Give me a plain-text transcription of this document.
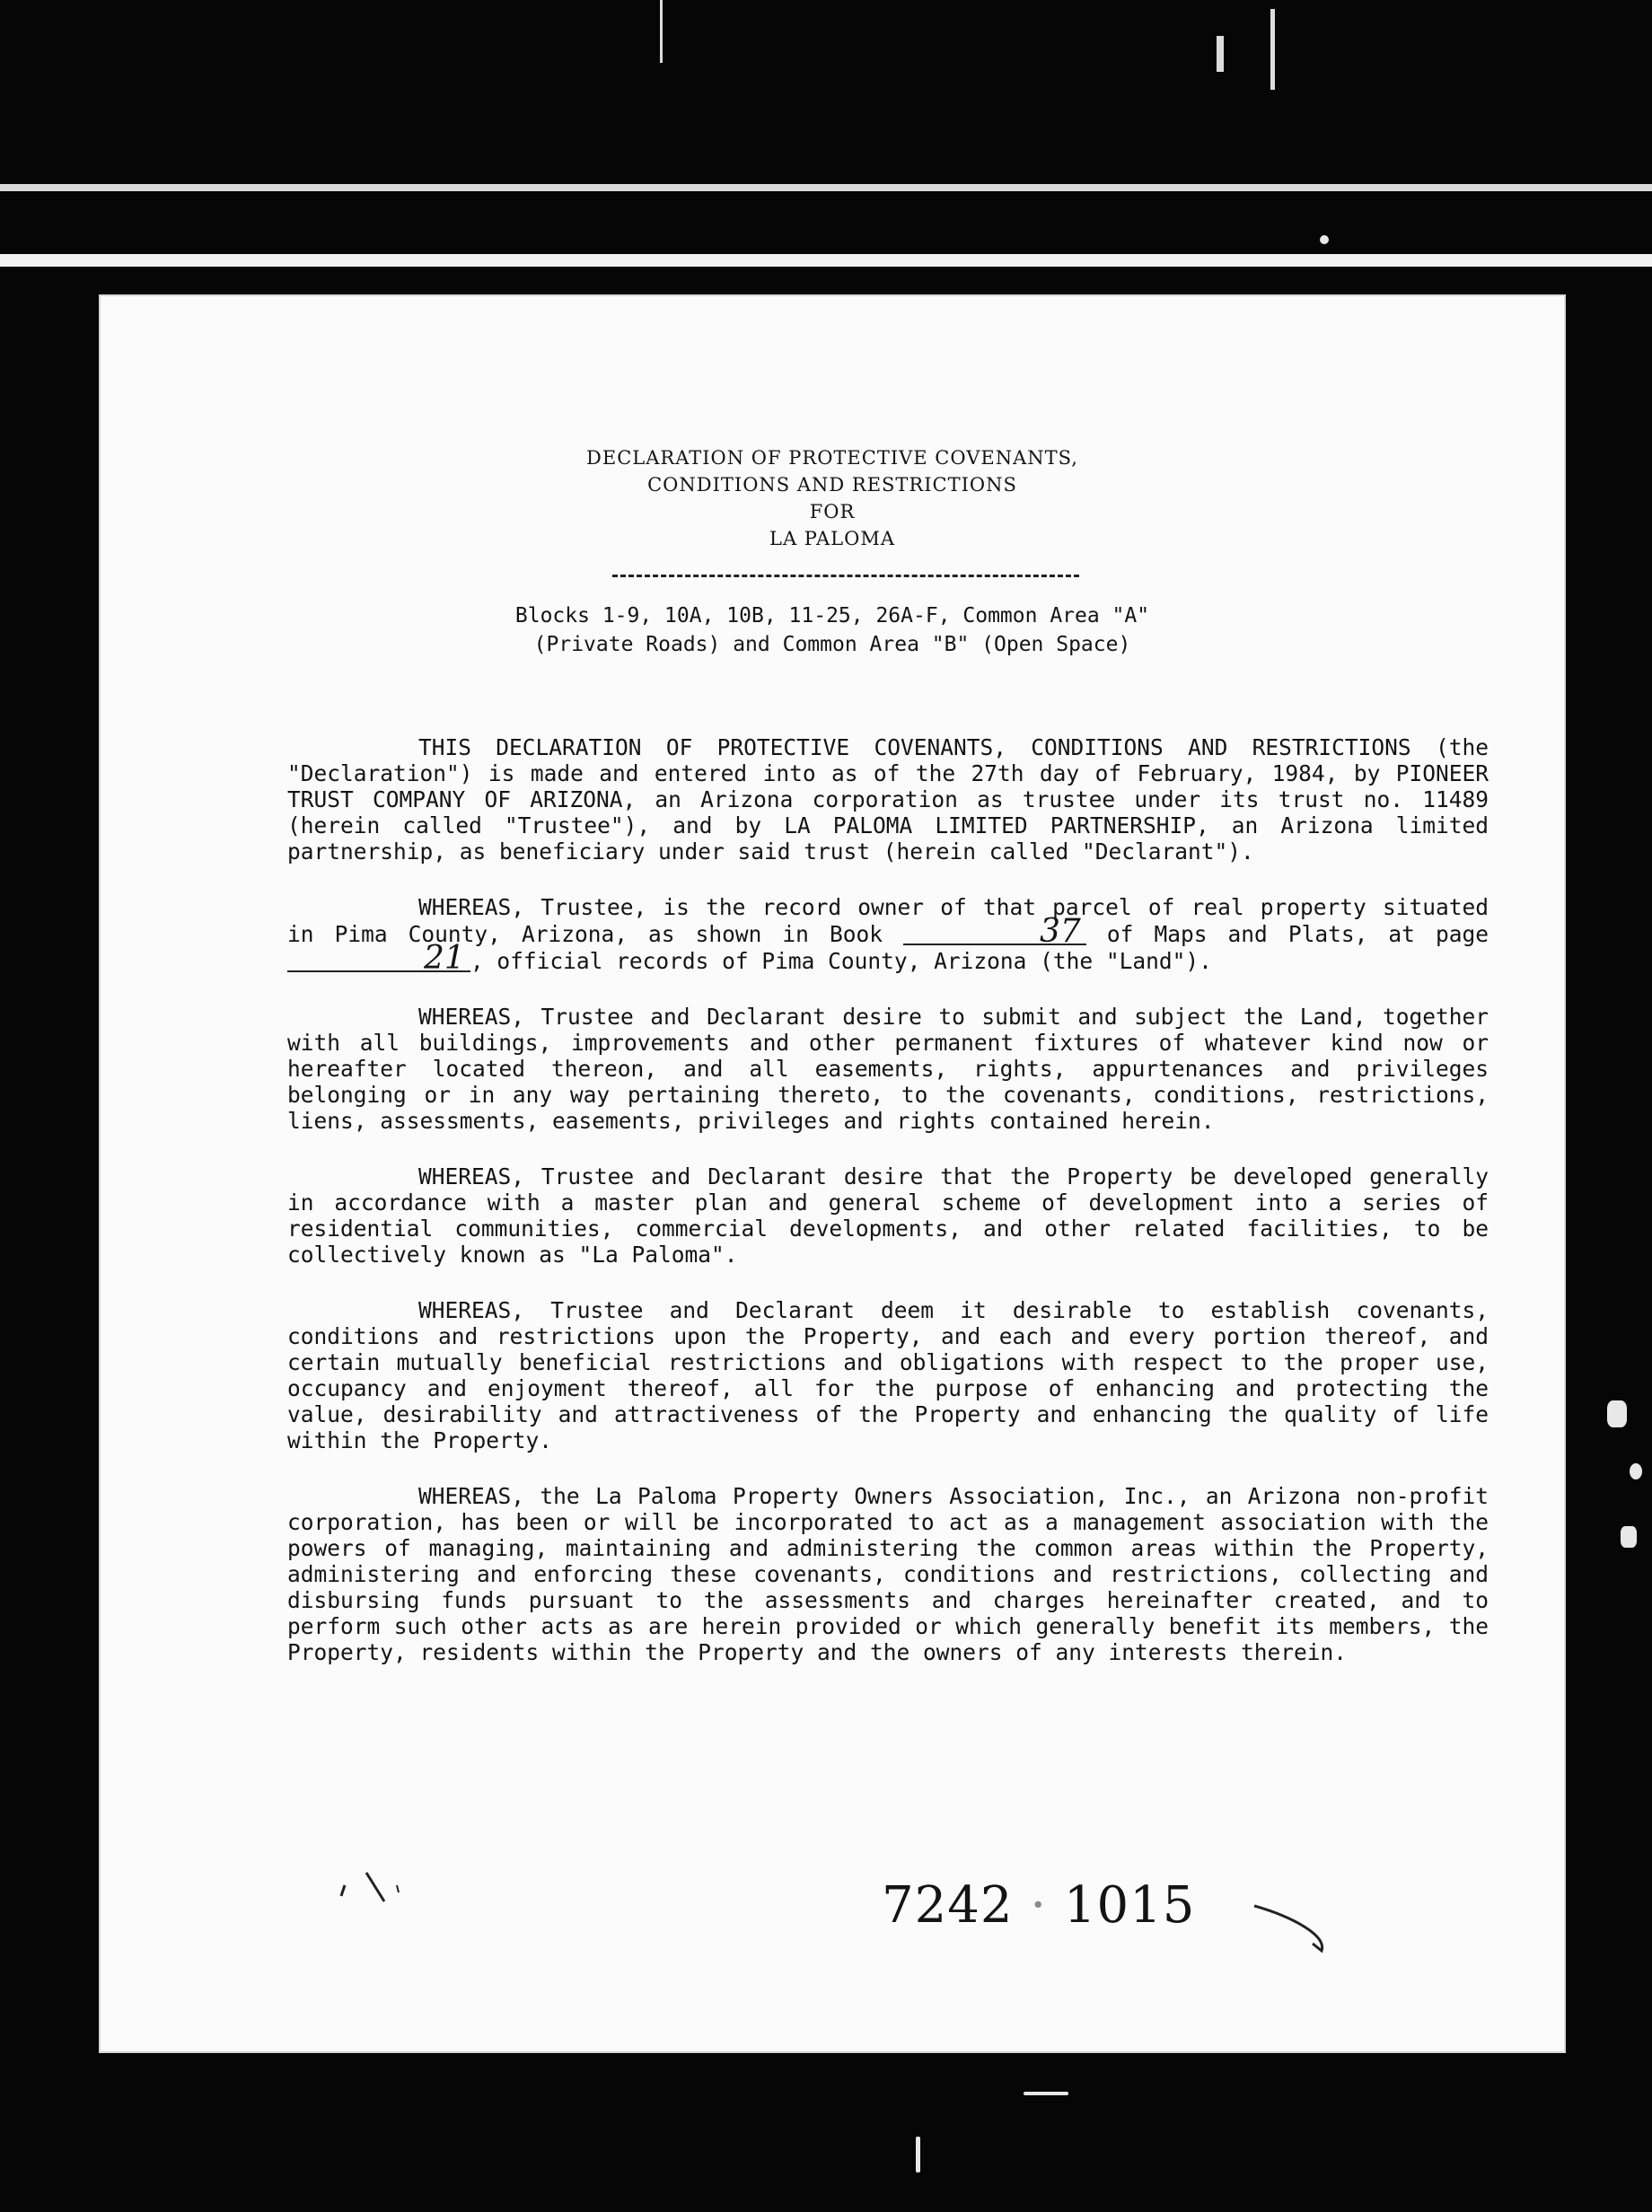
DECLARATION OF PROTECTIVE COVENANTS,
CONDITIONS AND RESTRICTIONS
FOR
LA PALOMA
Blocks 1-9, 10A, 10B, 11-25, 26A-F, Common Area "A"
(Private Roads) and Common Area "B" (Open Space)

THIS DECLARATION OF PROTECTIVE COVENANTS, CONDITIONS AND RESTRICTIONS (the "Declaration") is made and entered into as of the 27th day of February, 1984, by PIONEER TRUST COMPANY OF ARIZONA, an Arizona corporation as trustee under its trust no. 11489 (herein called "Trustee"), and by LA PALOMA LIMITED PARTNERSHIP, an Arizona limited partnership, as beneficiary under said trust (herein called "Declarant").

WHEREAS, Trustee, is the record owner of that parcel of real property situated in Pima County, Arizona, as shown in Book	37 of Maps and Plats, at page 21 , official records of Pima County, Arizona (the "Land").

WHEREAS, Trustee and Declarant desire to submit and subject the Land, together with all buildings, improvements and other permanent fixtures of whatever kind now or hereafter located thereon, and all easements, rights, appurtenances and privileges belonging or in any way pertaining thereto, to the covenants, conditions, restrictions, liens, assessments, easements, privileges and rights contained herein.

WHEREAS, Trustee and Declarant desire that the Property be developed generally in accordance with a master plan and general scheme of development into a series of residential communities, commercial developments, and other related facilities, to be collectively known as "La Paloma".

WHEREAS, Trustee and Declarant deem it desirable to establish covenants, conditions and restrictions upon the Property, and each and every portion thereof, and certain mutually beneficial restrictions and obligations with respect to the proper use, occupancy and enjoyment thereof, all for the purpose of enhancing and protecting the value, desirability and attractiveness of the Property and enhancing the quality of life within the Property.

WHEREAS, the La Paloma Property Owners Association, Inc., an Arizona non-profit corporation, has been or will be incorporated to act as a management association with the powers of managing, maintaining and administering the common areas within the Property, administering and enforcing these covenants, conditions and restrictions, collecting and disbursing funds pursuant to the assessments and charges hereinafter created, and to perform such other acts as are herein provided or which generally benefit its members, the Property, residents within the Property and the owners of any interests therein.

7242 · 1015
